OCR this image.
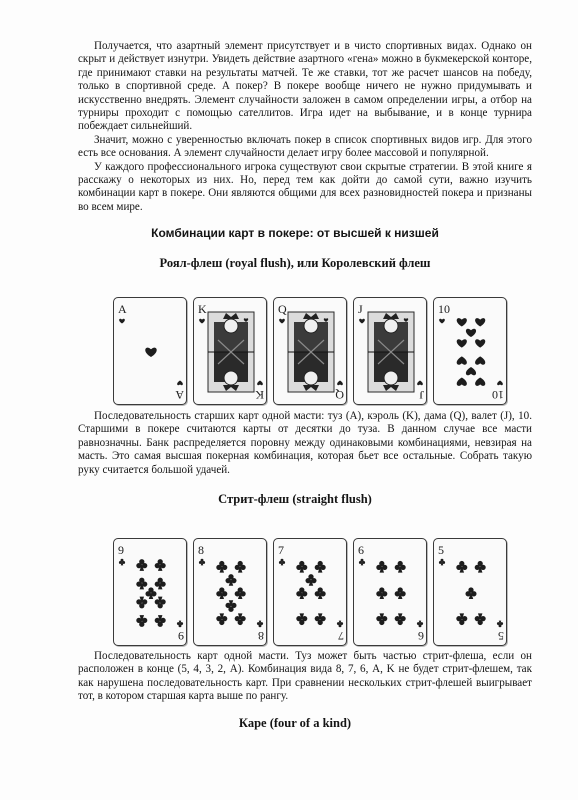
Получается, что азартный элемент присутствует и в чисто спортивных видах. Однако он скрыт и действует изнутри. Увидеть действие азартного «гена» можно в букмекерской конторе, где принимают ставки на результаты матчей. Те же ставки, тот же расчет шансов на победу, только в спортивной среде. А покер? В покере вообще ничего не нужно придумывать и искусственно внедрять. Элемент случайности заложен в самом определении игры, а отбор на турниры проходит с помощью сателлитов. Игра идет на выбывание, и в конце турнира побеждает сильнейший.

Значит, можно с уверенностью включать покер в список спортивных видов игр. Для этого есть все основания. А элемент случайности делает игру более массовой и популярной.

У каждого профессионального игрока существуют свои скрытые стратегии. В этой книге я расскажу о некоторых из них. Но, перед тем как дойти до самой сути, важно изучить комбинации карт в покере. Они являются общими для всех разновидностей покера и признаны во всем мире.

Комбинации карт в покере: от высшей к низшей
Роял-флеш (royal flush), или Королевский флеш
A
A
K
K
Q
Q
J
J
10
10

Последовательность старших карт одной масти: туз (A), кэроль (K), дама (Q), валет (J), 10. Старшими в покере считаются карты от десятки до туза. В данном случае все масти равнозначны. Банк распределяется поровну между одинаковыми комбинациями, невзирая на масть. Это самая высшая покерная комбинация, которая бьет все остальные. Собрать такую руку считается большой удачей.

Стрит-флеш (straight flush)
9
9
8
8
7
7
6
6
5
5

Последовательность карт одной масти. Туз может быть частью стрит-флеша, если он расположен в конце (5, 4, 3, 2, A). Комбинация вида 8, 7, 6, A, K не будет стрит-флешем, так как нарушена последовательность карт. При сравнении нескольких стрит-флешей выигрывает тот, в котором старшая карта выше по рангу.

Каре (four of a kind)
